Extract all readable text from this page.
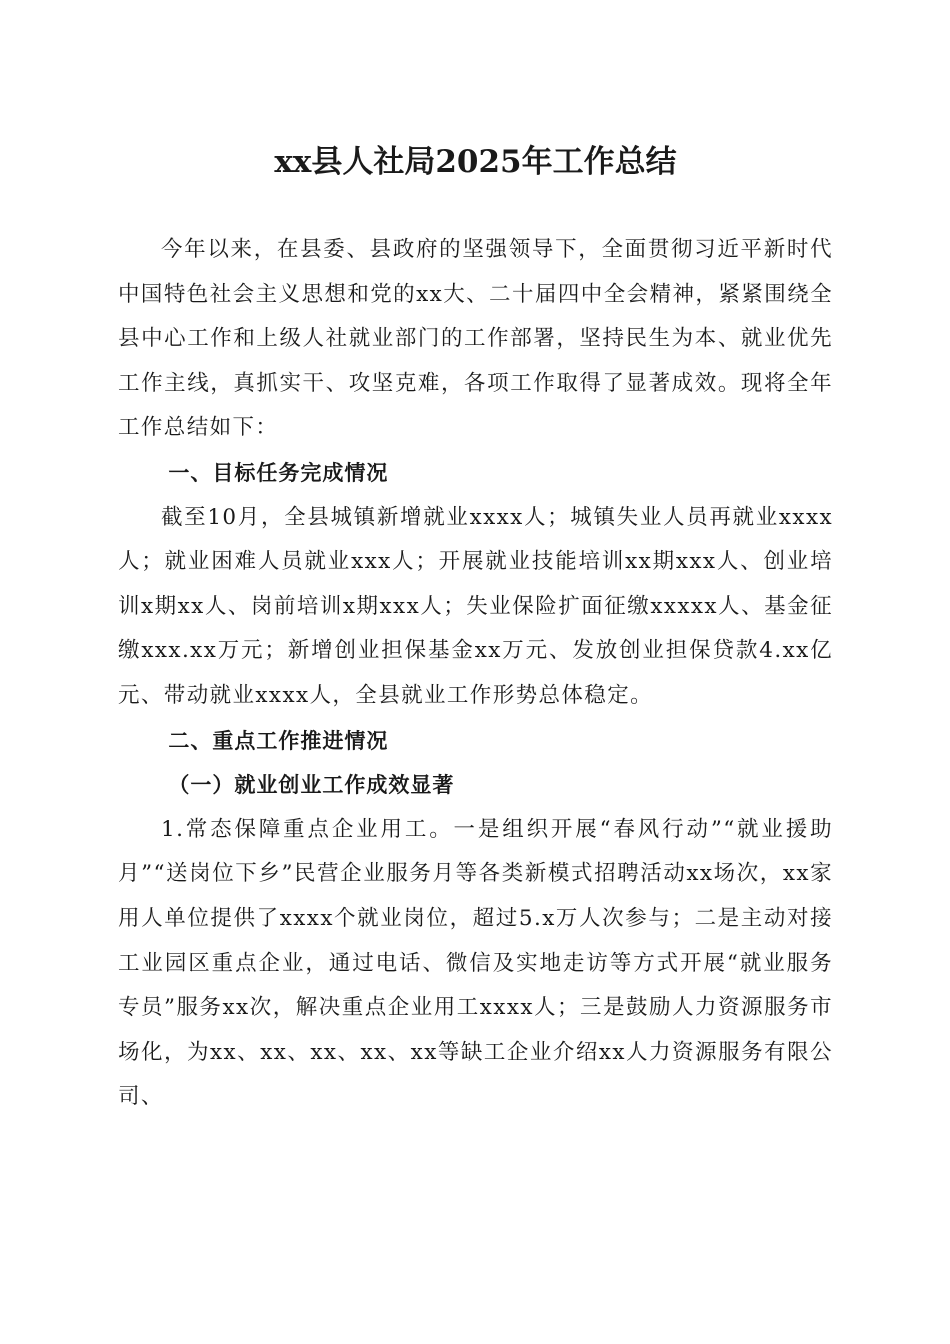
xx县人社局2025年工作总结

今年以来，在县委、县政府的坚强领导下，全面贯彻习近平新时代中国特色社会主义思想和党的xx大、二十届四中全会精神，紧紧围绕全县中心工作和上级人社就业部门的工作部署，坚持民生为本、就业优先工作主线，真抓实干、攻坚克难，各项工作取得了显著成效。现将全年工作总结如下：

一、目标任务完成情况

截至10月，全县城镇新增就业xxxx人；城镇失业人员再就业xxxx人；就业困难人员就业xxx人；开展就业技能培训xx期xxx人、创业培训x期xx人、岗前培训x期xxx人；失业保险扩面征缴xxxxx人、基金征缴xxx.xx万元；新增创业担保基金xx万元、发放创业担保贷款4.xx亿元、带动就业xxxx人，全县就业工作形势总体稳定。

二、重点工作推进情况

（一）就业创业工作成效显著

1.常态保障重点企业用工。一是组织开展“春风行动”“就业援助月”“送岗位下乡”民营企业服务月等各类新模式招聘活动xx场次，xx家用人单位提供了xxxx个就业岗位，超过5.x万人次参与；二是主动对接工业园区重点企业，通过电话、微信及实地走访等方式开展“就业服务专员”服务xx次，解决重点企业用工xxxx人；三是鼓励人力资源服务市场化，为xx、xx、xx、xx、xx等缺工企业介绍xx人力资源服务有限公司、
